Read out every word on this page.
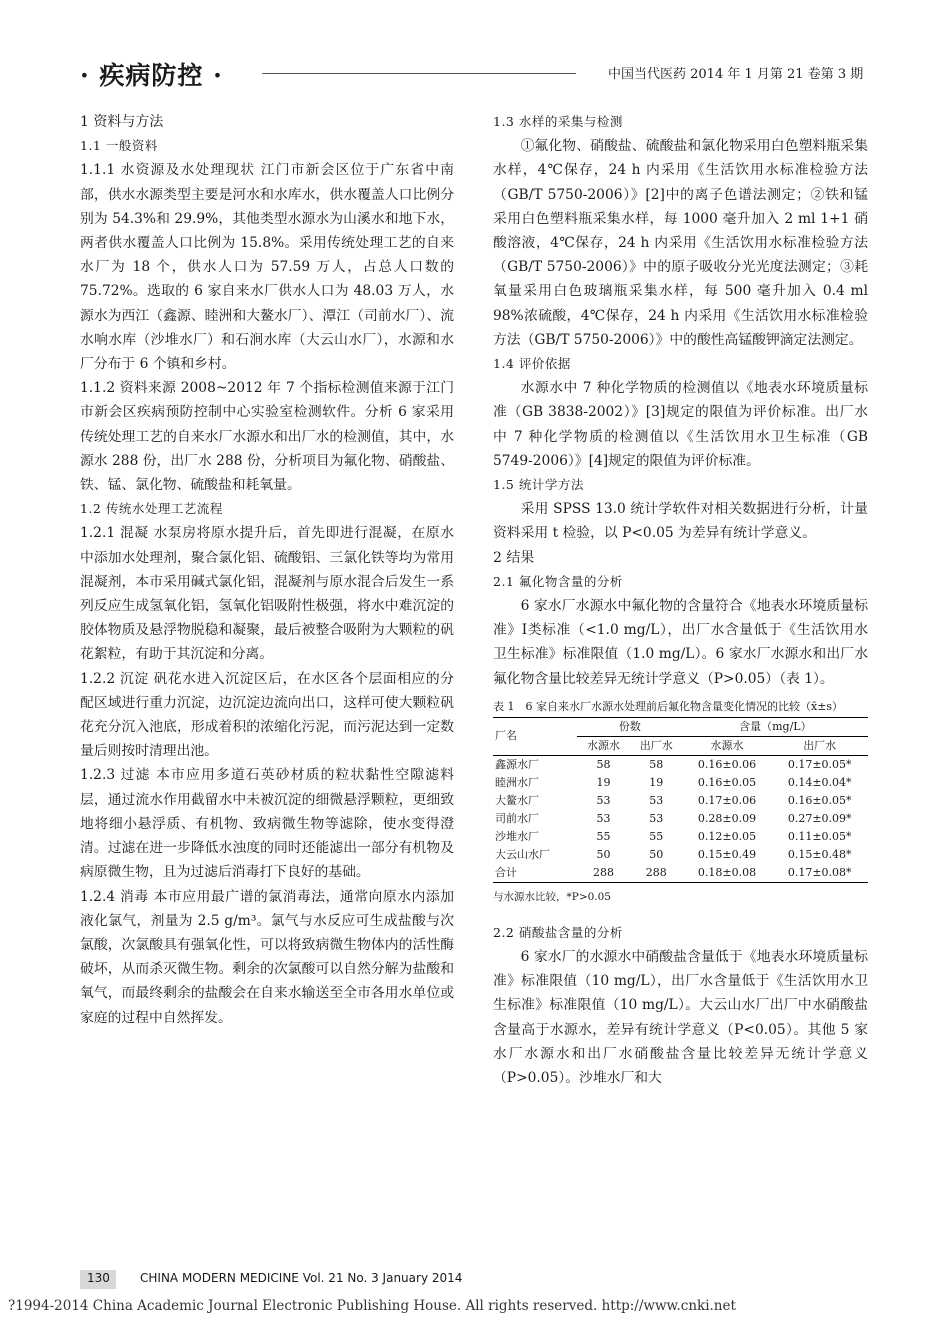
· 疾病防控 ·	中国当代医药 2014 年 1 月第 21 卷第 3 期

1 资料与方法

1.1 一般资料

1.1.1 水资源及水处理现状 江门市新会区位于广东省中南部，供水水源类型主要是河水和水库水，供水覆盖人口比例分别为 54.3%和 29.9%，其他类型水源水为山溪水和地下水，两者供水覆盖人口比例为 15.8%。采用传统处理工艺的自来水厂为 18 个，供水人口为 57.59 万人，占总人口数的 75.72%。选取的 6 家自来水厂供水人口为 48.03 万人，水源水为西江（鑫源、睦洲和大鳌水厂）、潭江（司前水厂）、流水响水库（沙堆水厂）和石涧水库（大云山水厂），水源和水厂分布于 6 个镇和乡村。

1.1.2 资料来源 2008~2012 年 7 个指标检测值来源于江门市新会区疾病预防控制中心实验室检测软件。分析 6 家采用传统处理工艺的自来水厂水源水和出厂水的检测值，其中，水源水 288 份，出厂水 288 份，分析项目为氟化物、硝酸盐、铁、锰、氯化物、硫酸盐和耗氧量。

1.2 传统水处理工艺流程

1.2.1 混凝 水泵房将原水提升后，首先即进行混凝，在原水中添加水处理剂，聚合氯化铝、硫酸铝、三氯化铁等均为常用混凝剂，本市采用碱式氯化铝，混凝剂与原水混合后发生一系列反应生成氢氧化铝，氢氧化铝吸附性极强，将水中难沉淀的胶体物质及悬浮物脱稳和凝聚，最后被整合吸附为大颗粒的矾花絮粒，有助于其沉淀和分离。

1.2.2 沉淀 矾花水进入沉淀区后，在水区各个层面相应的分配区域进行重力沉淀，边沉淀边流向出口，这样可使大颗粒矾花充分沉入池底，形成着积的浓缩化污泥，而污泥达到一定数量后则按时清理出池。

1.2.3 过滤 本市应用多道石英砂材质的粒状黏性空隙滤料层，通过流水作用截留水中未被沉淀的细微悬浮颗粒，更细致地将细小悬浮质、有机物、致病微生物等滤除，使水变得澄清。过滤在进一步降低水浊度的同时还能滤出一部分有机物及病原微生物，且为过滤后消毒打下良好的基础。

1.2.4 消毒 本市应用最广谱的氯消毒法，通常向原水内添加液化氯气，剂量为 2.5 g/m³。氯气与水反应可生成盐酸与次氯酸，次氯酸具有强氧化性，可以将致病微生物体内的活性酶破坏，从而杀灭微生物。剩余的次氯酸可以自然分解为盐酸和氧气，而最终剩余的盐酸会在自来水输送至全市各用水单位或家庭的过程中自然挥发。

1.3 水样的采集与检测

①氟化物、硝酸盐、硫酸盐和氯化物采用白色塑料瓶采集水样，4℃保存，24 h 内采用《生活饮用水标准检验方法（GB/T 5750-2006）》[2]中的离子色谱法测定；②铁和锰采用白色塑料瓶采集水样，每 1000 毫升加入 2 ml 1+1 硝酸溶液，4℃保存，24 h 内采用《生活饮用水标准检验方法（GB/T 5750-2006）》中的原子吸收分光光度法测定；③耗氧量采用白色玻璃瓶采集水样，每 500 毫升加入 0.4 ml 98%浓硫酸，4℃保存，24 h 内采用《生活饮用水标准检验方法（GB/T 5750-2006）》中的酸性高锰酸钾滴定法测定。

1.4 评价依据

水源水中 7 种化学物质的检测值以《地表水环境质量标准（GB 3838-2002）》[3]规定的限值为评价标准。出厂水中 7 种化学物质的检测值以《生活饮用水卫生标准（GB 5749-2006）》[4]规定的限值为评价标准。

1.5 统计学方法

采用 SPSS 13.0 统计学软件对相关数据进行分析，计量资料采用 t 检验，以 P<0.05 为差异有统计学意义。

2 结果

2.1 氟化物含量的分析

6 家水厂水源水中氟化物的含量符合《地表水环境质量标准》Ⅰ类标准（<1.0 mg/L），出厂水含量低于《生活饮用水卫生标准》标准限值（1.0 mg/L）。6 家水厂水源水和出厂水氟化物含量比较差异无统计学意义（P>0.05）（表 1）。

表 1　6 家自来水厂水源水处理前后氟化物含量变化情况的比较（x̄±s）
厂名	份数		含量（mg/L）	
	水源水	出厂水	水源水	出厂水
鑫源水厂	58	58	0.16±0.06	0.17±0.05*
睦洲水厂	19	19	0.16±0.05	0.14±0.04*
大鳌水厂	53	53	0.17±0.06	0.16±0.05*
司前水厂	53	53	0.28±0.09	0.27±0.09*
沙堆水厂	55	55	0.12±0.05	0.11±0.05*
大云山水厂	50	50	0.15±0.49	0.15±0.48*
合计	288	288	0.18±0.08	0.17±0.08*
与水源水比较，*P>0.05

2.2 硝酸盐含量的分析

6 家水厂的水源水中硝酸盐含量低于《地表水环境质量标准》标准限值（10 mg/L），出厂水含量低于《生活饮用水卫生标准》标准限值（10 mg/L）。大云山水厂出厂中水硝酸盐含量高于水源水，差异有统计学意义（P<0.05）。其他 5 家水厂水源水和出厂水硝酸盐含量比较差异无统计学意义（P>0.05）。沙堆水厂和大

130	CHINA MODERN MEDICINE Vol. 21 No. 3 January 2014
?1994-2014 China Academic Journal Electronic Publishing House. All rights reserved. http://www.cnki.net
